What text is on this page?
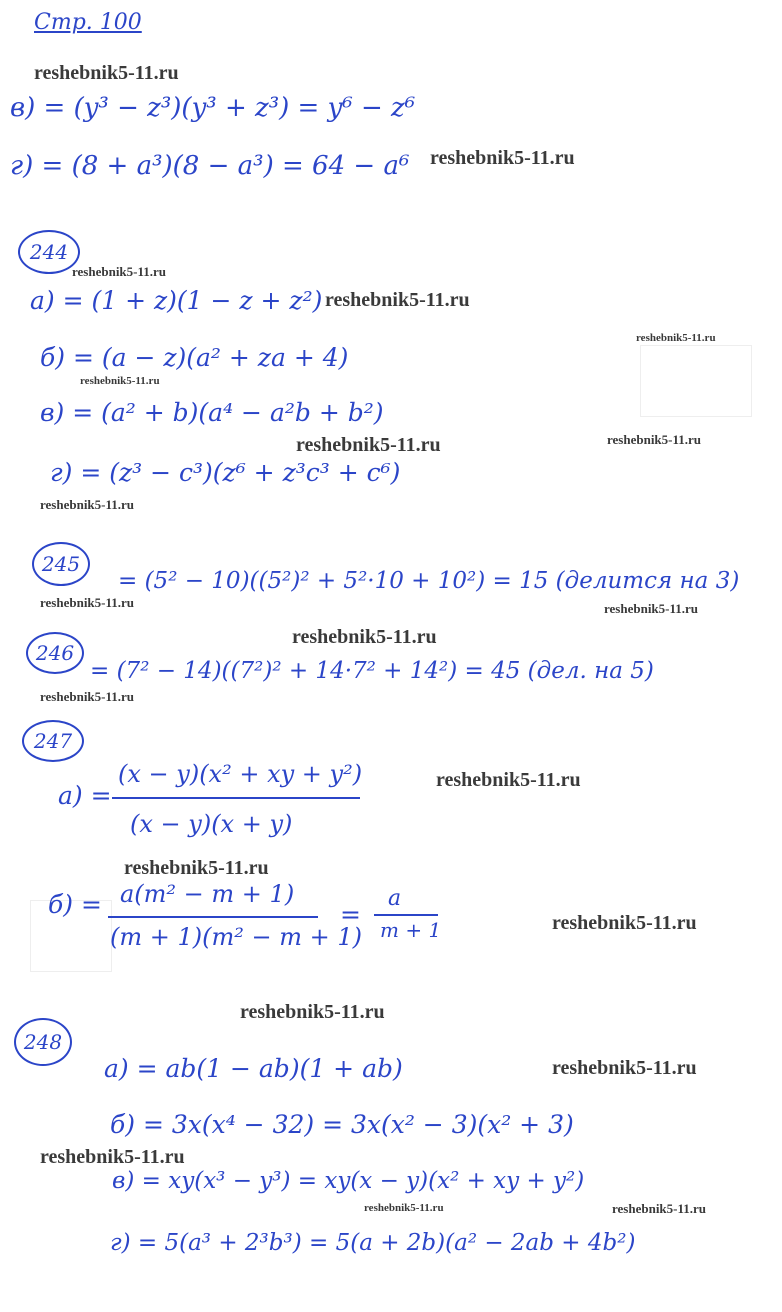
Стр. 100
reshebnik5-11.ru
в) = (y³ − z³)(y³ + z³) = y⁶ − z⁶
г) = (8 + a³)(8 − a³) = 64 − a⁶ reshebnik5-11.ru
244
reshebnik5-11.ru
а) = (1 + z)(1 − z + z²) reshebnik5-11.ru
reshebnik5-11.ru
б) = (a − z)(a² + za + 4)
reshebnik5-11.ru
в) = (a² + b)(a⁴ − a²b + b²)
reshebnik5-11.ru	reshebnik5-11.ru
г) = (z³ − c³)(z⁶ + z³c³ + c⁶)
reshebnik5-11.ru
245
= (5² − 10)((5²)² + 5²·10 + 10²) = 15 (делится на 3)
reshebnik5-11.ru	reshebnik5-11.ru
reshebnik5-11.ru
246
= (7² − 14)((7²)² + 14·7² + 14²) = 45 (дел. на 5)
reshebnik5-11.ru
247
а) =
(x − y)(x² + xy + y²)
(x − y)(x + y)
reshebnik5-11.ru
reshebnik5-11.ru
б) = a(m² − m + 1)
(m + 1)(m² − m + 1)
=
a
m + 1	reshebnik5-11.ru
reshebnik5-11.ru
248
а) = ab(1 − ab)(1 + ab)	reshebnik5-11.ru
б) = 3x(x⁴ − 32) = 3x(x² − 3)(x² + 3)
reshebnik5-11.ru
в) = xy(x³ − y³) = xy(x − y)(x² + xy + y²)
reshebnik5-11.ru	reshebnik5-11.ru
г) = 5(a³ + 2³b³) = 5(a + 2b)(a² − 2ab + 4b²)
